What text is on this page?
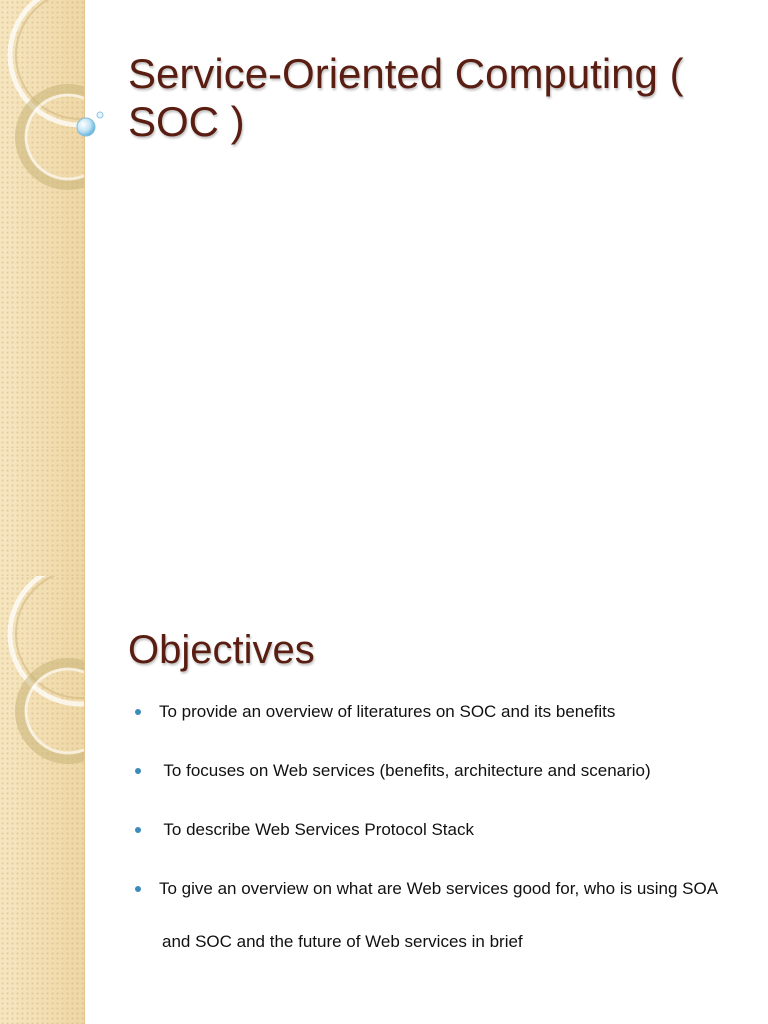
Service-Oriented Computing ( SOC )
Objectives
To provide an overview of literatures on SOC and its benefits
To focuses on Web services (benefits, architecture and scenario)
To describe Web Services Protocol Stack
To give an overview on what are Web services good for, who is using SOA
and SOC and the future of Web services in brief
